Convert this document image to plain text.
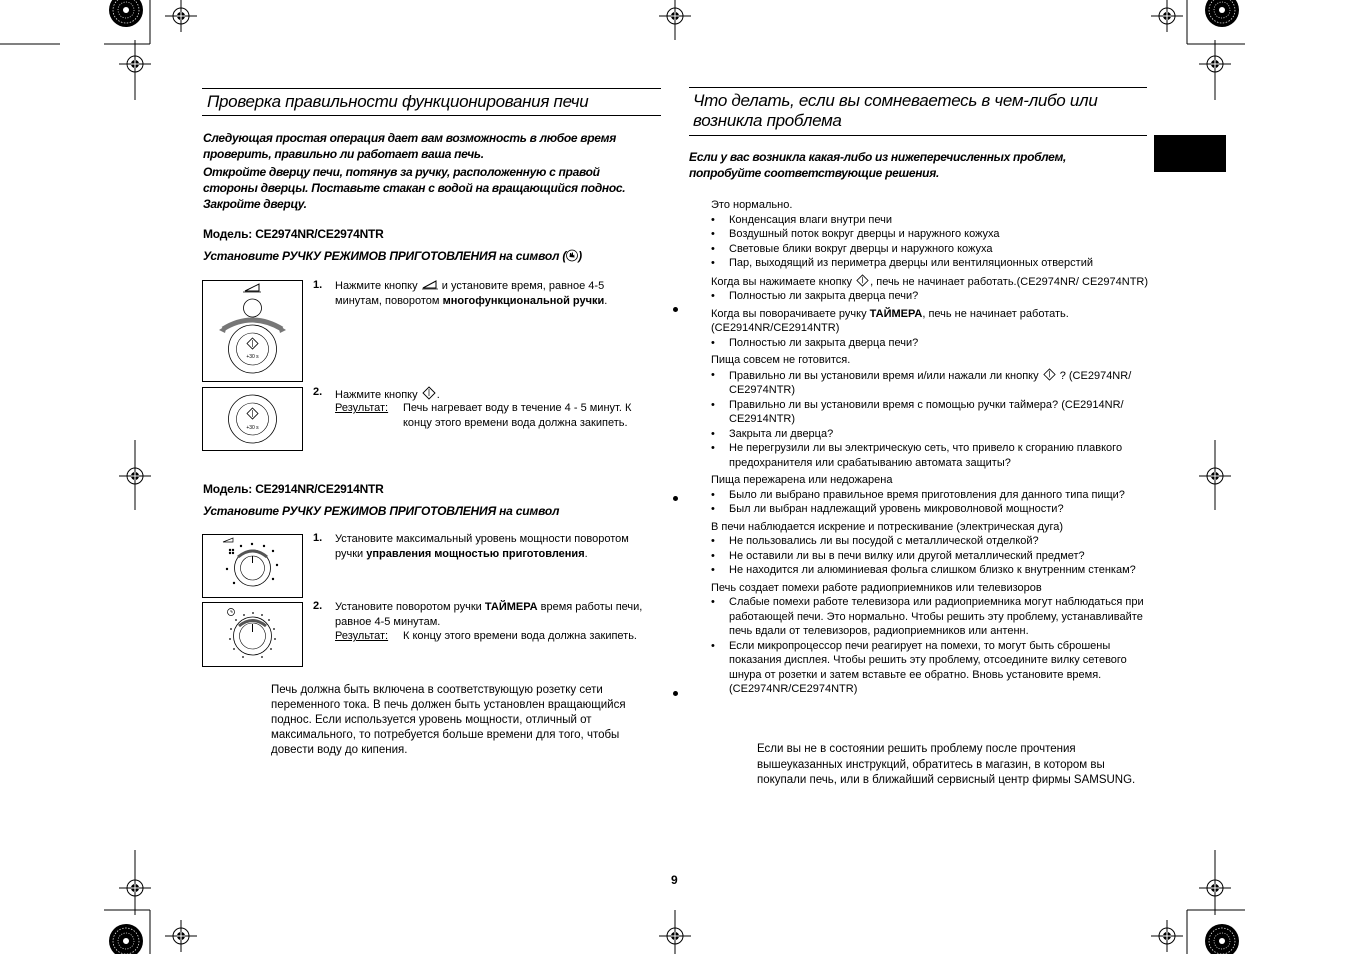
Проверка правильности функционирования печи
Следующая простая операция дает вам возможность в любое время проверить, правильно ли работает ваша печь.
Откройте дверцу печи, потянув за ручку, расположенную с правой стороны дверцы. Поставьте стакан с водой на вращающийся поднос. Закройте дверцу.
Модель: CE2974NR/CE2974NTR
Установите РУЧКУ РЕЖИМОВ ПРИГОТОВЛЕНИЯ на символ ( )
+30 s
1. Нажмите кнопку и установите время, равное 4-5 минутам, поворотом многофункциональной ручки.
+30 s
2. Нажмите кнопку .
Результат: Печь нагревает воду в течение 4 - 5 минут. К концу этого времени вода должна закипеть.
Модель: CE2914NR/CE2914NTR
Установите РУЧКУ РЕЖИМОВ ПРИГОТОВЛЕНИЯ на символ
1. Установите максимальный уровень мощности поворотом ручки управления мощностью приготовления.
2. Установите поворотом ручки ТАЙМЕРА время работы печи, равное 4-5 минутам.
Результат: К концу этого времени вода должна закипеть.
Печь должна быть включена в соответствующую розетку сети переменного тока. В печь должен быть установлен вращающийся поднос. Если используется уровень мощности, отличный от максимального, то потребуется больше времени для того, чтобы довести воду до кипения.
9
Что делать, если вы сомневаетесь в чем-либо или возникла проблема
Если у вас возникла какая-либо из нижеперечисленных проблем, попробуйте соответствующие решения.
Это нормально.
• Конденсация влаги внутри печи
• Воздушный поток вокруг дверцы и наружного кожуха
• Световые блики вокруг дверцы и наружного кожуха
• Пар, выходящий из периметра дверцы или вентиляционных отверстий
Когда вы нажимаете кнопку , печь не начинает работать.(CE2974NR/ CE2974NTR)
• Полностью ли закрыта дверца печи?
Когда вы поворачиваете ручку ТАЙМЕРА, печь не начинает работать. (CE2914NR/CE2914NTR)
• Полностью ли закрыта дверца печи?
Пища совсем не готовится.
• Правильно ли вы установили время и/или нажали ли кнопку ? (CE2974NR/ CE2974NTR)
• Правильно ли вы установили время с помощью ручки таймера? (CE2914NR/ CE2914NTR)
• Закрыта ли дверца?
• Не перегрузили ли вы электрическую сеть, что привело к сгоранию плавкого предохранителя или срабатыванию автомата защиты?
Пища пережарена или недожарена
• Было ли выбрано правильное время приготовления для данного типа пищи?
• Был ли выбран надлежащий уровень микроволновой мощности?
В печи наблюдается искрение и потрескивание (электрическая дуга)
• Не пользовались ли вы посудой с металлической отделкой?
• Не оставили ли вы в печи вилку или другой металлический предмет?
• Не находится ли алюминиевая фольга слишком близко к внутренним стенкам?
Печь создает помехи работе радиоприемников или телевизоров
• Слабые помехи работе телевизора или радиоприемника могут наблюдаться при работающей печи. Это нормально. Чтобы решить эту проблему, устанавливайте печь вдали от телевизоров, радиоприемников или антенн.
• Если микропроцессор печи реагирует на помехи, то могут быть сброшены показания дисплея. Чтобы решить эту проблему, отсоедините вилку сетевого шнура от розетки и затем вставьте ее обратно. Вновь установите время.(CE2974NR/CE2974NTR)
Если вы не в состоянии решить проблему после прочтения вышеуказанных инструкций, обратитесь в магазин, в котором вы покупали печь, или в ближайший сервисный центр фирмы SAMSUNG.
